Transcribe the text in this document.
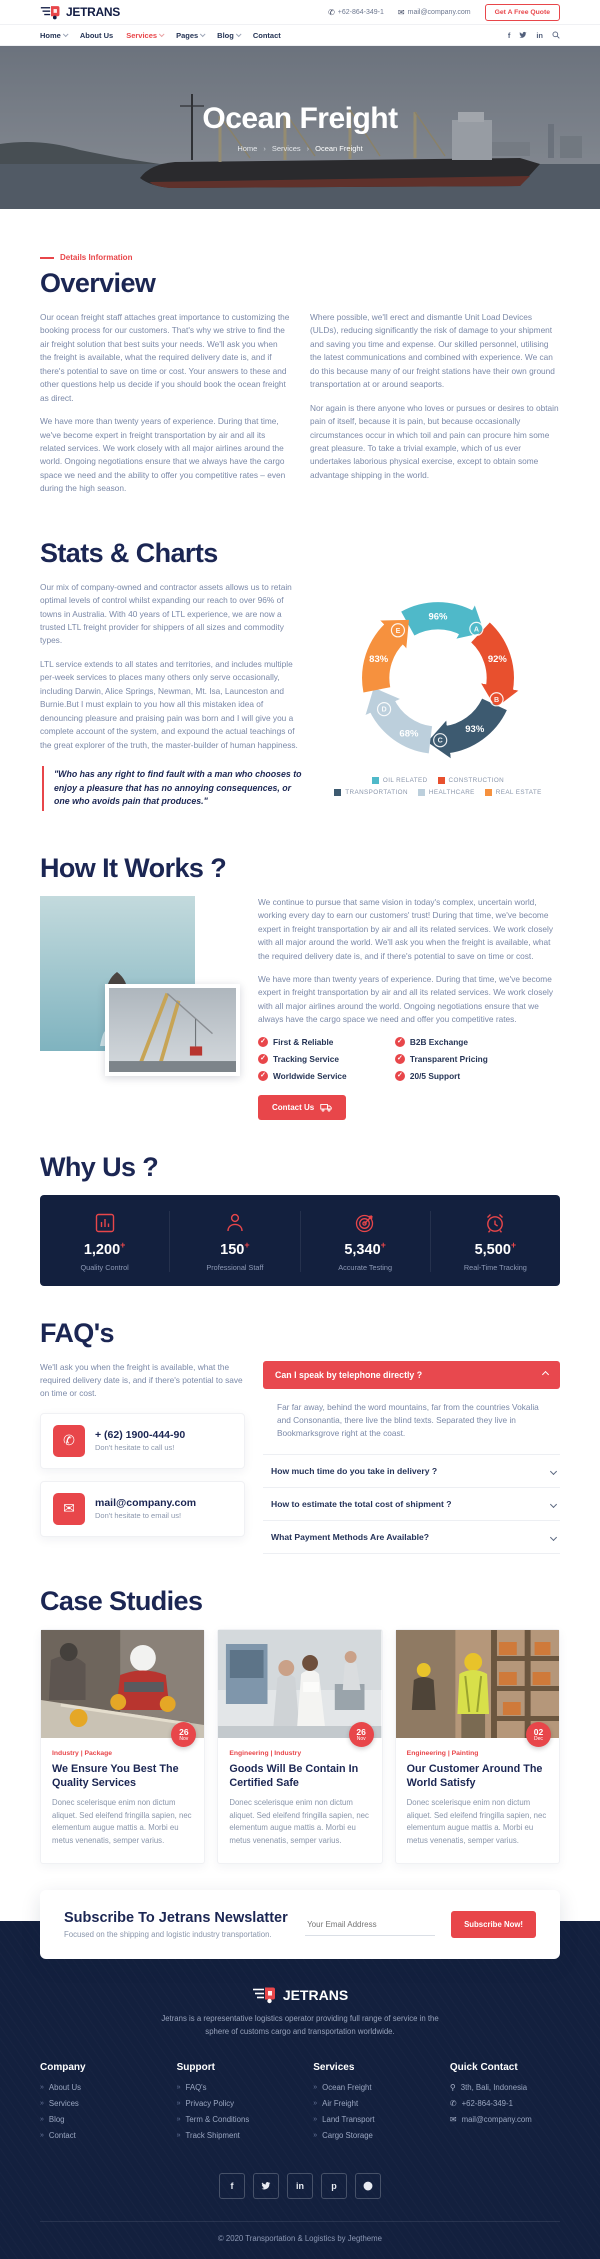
JETRANS	✆ +62-864-349-1 ✉ mail@company.com	Get A Free Quote
Home	About Us Services	Pages	Blog	Contact	f	in
Ocean Freight
Home › Services › Ocean Freight
Details Information
Overview

Our ocean freight staff attaches great importance to customizing the booking process for our customers. That's why we strive to find the air freight solution that best suits your needs. We'll ask you when the freight is available, what the required delivery date is, and if there's potential to save on time or cost. Your answers to these and other questions help us decide if you should book the ocean freight as direct.

We have more than twenty years of experience. During that time, we've become expert in freight transportation by air and all its related services. We work closely with all major airlines around the world. Ongoing negotiations ensure that we always have the cargo space we need and the ability to offer you competitive rates – even during the high season.

Where possible, we'll erect and dismantle Unit Load Devices (ULDs), reducing significantly the risk of damage to your shipment and saving you time and expense. Our skilled personnel, utilising the latest communications and combined with experience. We can do this because many of our freight stations have their own ground transportation at or around seaports.

Nor again is there anyone who loves or pursues or desires to obtain pain of itself, because it is pain, but because occasionally circumstances occur in which toil and pain can procure him some great pleasure. To take a trivial example, which of us ever undertakes laborious physical exercise, except to obtain some advantage shipping in the world.

Stats & Charts

Our mix of company-owned and contractor assets allows us to retain optimal levels of control whilst expanding our reach to over 96% of towns in Australia. With 40 years of LTL experience, we are now a trusted LTL freight provider for shippers of all sizes and commodity types.

LTL service extends to all states and territories, and includes multiple per-week services to places many others only serve occasionally, including Darwin, Alice Springs, Newman, Mt. Isa, Launceston and Burnie.But I must explain to you how all this mistaken idea of denouncing pleasure and praising pain was born and I will give you a complete account of the system, and expound the actual teachings of the great explorer of the truth, the master-builder of human happiness.

"Who has any right to find fault with a man who chooses to enjoy a pleasure that has no annoying consequences, or one who avoids pain that produces."
96%
92%
93%
68%
83%
A
B
C
D
E
OIL RELATED	CONSTRUCTION
TRANSPORTATION	HEALTHCARE	REAL ESTATE
How It Works ?

We continue to pursue that same vision in today's complex, uncertain world, working every day to earn our customers' trust! During that time, we've become expert in freight transportation by air and all its related services. We work closely with all major around the world. We'll ask you when the freight is available, what the required delivery date is, and if there's potential to save on time or cost.

We have more than twenty years of experience. During that time, we've become expert in freight transportation by air and all its related services. We work closely with all major airlines around the world. Ongoing negotiations ensure that we always have the cargo space we need and offer you competitive rates.

✓
First & Reliable ✓	B2B Exchange
✓
Tracking Service ✓	Transparent Pricing
✓
Worldwide Service ✓	20/5 Support
Contact Us
Why Us ?
1,200+
Quality Control
150+
Professional Staff
5,340+
Accurate Testing
5,500+
Real-Time Tracking
FAQ's

We'll ask you when the freight is available, what the required delivery date is, and if there's potential to save on time or cost.

✆	+ (62) 1900-444-90
Don't hesitate to call us!
✉	mail@company.com
Don't hesitate to email us!
Can I speak by telephone directly ?
Far far away, behind the word mountains, far from the countries Vokalia and Consonantia, there live the blind texts. Separated they live in Bookmarksgrove right at the coast.
How much time do you take in delivery ?
How to estimate the total cost of shipment ?
What Payment Methods Are Available?
Case Studies
26
Nov
Industry | Package
We Ensure You Best The Quality Services
Donec scelerisque enim non dictum aliquet. Sed eleifend fringilla sapien, nec elementum augue mattis a. Morbi eu metus venenatis, semper varius.
26
Nov
Engineering | Industry
Goods Will Be Contain In Certified Safe
Donec scelerisque enim non dictum aliquet. Sed eleifend fringilla sapien, nec elementum augue mattis a. Morbi eu metus venenatis, semper varius.
02
Dec
Engineering | Painting
Our Customer Around The World Satisfy
Donec scelerisque enim non dictum aliquet. Sed eleifend fringilla sapien, nec elementum augue mattis a. Morbi eu metus venenatis, semper varius.
Subscribe To Jetrans Newslatter
Focused on the shipping and logistic industry transportation.
Your Email Address
Subscribe Now!
JETRANS
Jetrans is a representative logistics operator providing full range of service in the sphere of customs cargo and transportation worldwide.
Company
» About Us
» Services
» Blog
» Contact
Support
» FAQ's
» Privacy Policy
» Term & Conditions
» Track Shipment
Services
» Ocean Freight
» Air Freight
» Land Transport
» Cargo Storage
Quick Contact
⚲ 3th, Bali, Indonesia
✆ +62-864-349-1
✉ mail@company.com
f	in	p
© 2020 Transportation & Logistics by Jegtheme
